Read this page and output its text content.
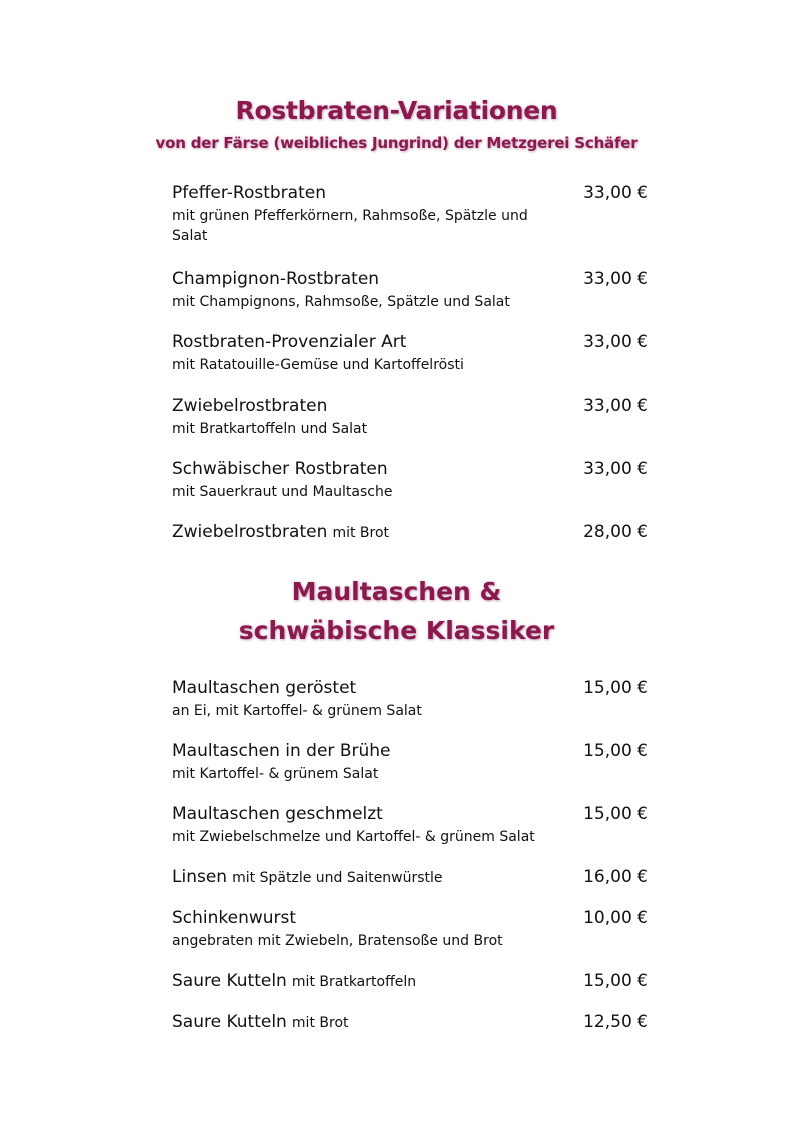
Rostbraten-Variationen
von der Färse (weibliches Jungrind) der Metzgerei Schäfer
Pfeffer-Rostbraten	33,00 €
mit grünen Pfefferkörnern, Rahmsoße, Spätzle und Salat
Champignon-Rostbraten	33,00 €
mit Champignons, Rahmsoße, Spätzle und Salat
Rostbraten-Provenzialer Art	33,00 €
mit Ratatouille-Gemüse und Kartoffelrösti
Zwiebelrostbraten	33,00 €
mit Bratkartoffeln und Salat
Schwäbischer Rostbraten	33,00 €
mit Sauerkraut und Maultasche
Zwiebelrostbraten mit Brot	28,00 €
Maultaschen &
schwäbische Klassiker
Maultaschen geröstet	15,00 €
an Ei, mit Kartoffel- & grünem Salat
Maultaschen in der Brühe	15,00 €
mit Kartoffel- & grünem Salat
Maultaschen geschmelzt	15,00 €
mit Zwiebelschmelze und Kartoffel- & grünem Salat
Linsen mit Spätzle und Saitenwürstle	16,00 €
Schinkenwurst	10,00 €
angebraten mit Zwiebeln, Bratensoße und Brot
Saure Kutteln mit Bratkartoffeln	15,00 €
Saure Kutteln mit Brot	12,50 €
